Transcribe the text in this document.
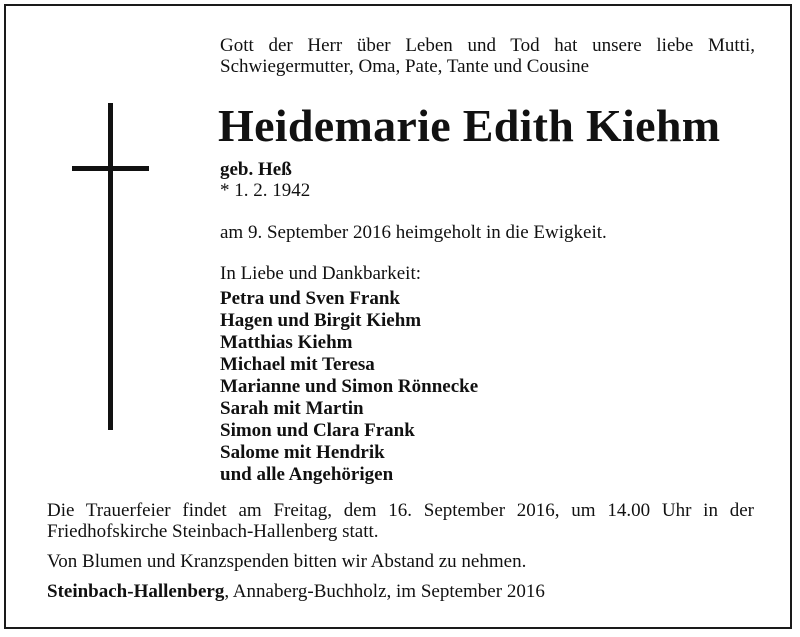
Gott der Herr über Leben und Tod hat unsere liebe Mutti, Schwiegermutter, Oma, Pate, Tante und Cousine
Heidemarie Edith Kiehm
geb. Heß
* 1. 2. 1942
am 9. September 2016 heimgeholt in die Ewigkeit.
In Liebe und Dankbarkeit:
Petra und Sven Frank
Hagen und Birgit Kiehm
Matthias Kiehm
Michael mit Teresa
Marianne und Simon Rönnecke
Sarah mit Martin
Simon und Clara Frank
Salome mit Hendrik
und alle Angehörigen
Die Trauerfeier findet am Freitag, dem 16. September 2016, um 14.00 Uhr in der Friedhofskirche Steinbach-Hallenberg statt.
Von Blumen und Kranzspenden bitten wir Abstand zu nehmen.
Steinbach-Hallenberg, Annaberg-Buchholz, im September 2016
